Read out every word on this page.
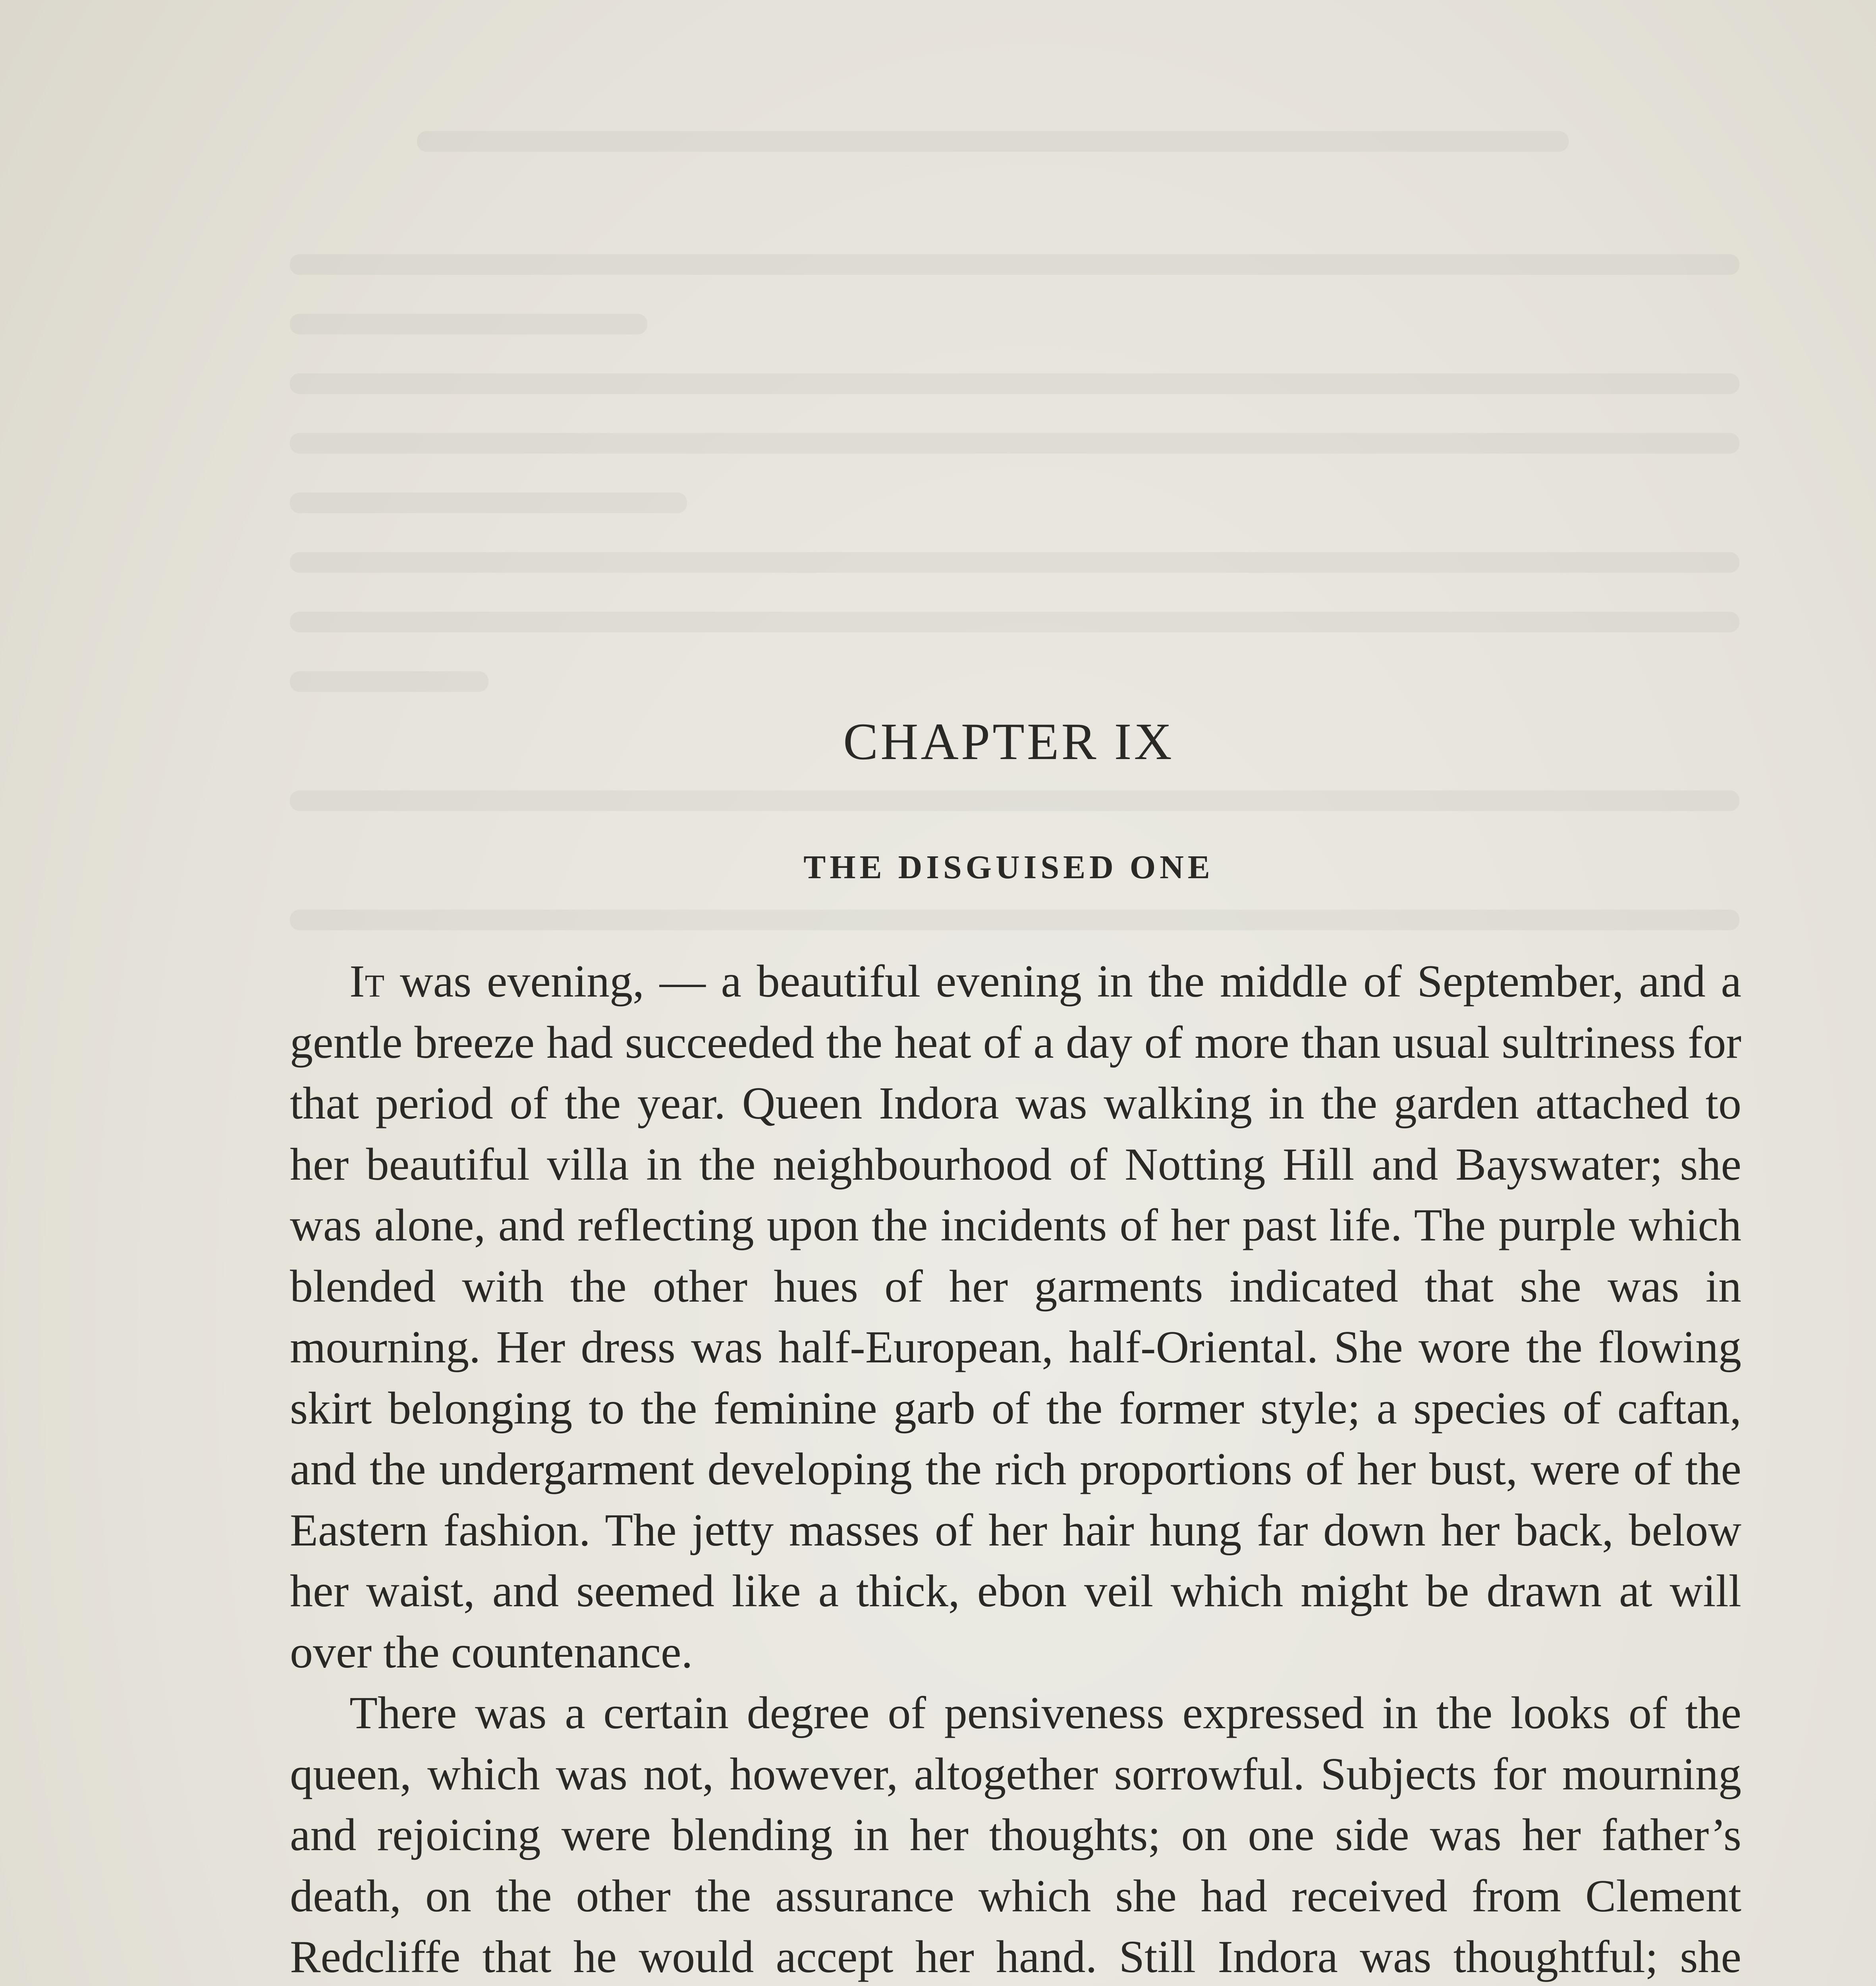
CHAPTER IX
THE DISGUISED ONE

It was evening, — a beautiful evening in the middle of September, and a gentle breeze had succeeded the heat of a day of more than usual sultriness for that period of the year. Queen Indora was walking in the garden attached to her beautiful villa in the neighbourhood of Notting Hill and Bayswater; she was alone, and reflecting upon the incidents of her past life. The purple which blended with the other hues of her garments indicated that she was in mourning. Her dress was half-European, half-Oriental. She wore the flowing skirt belonging to the feminine garb of the former style; a species of caftan, and the undergarment developing the rich proportions of her bust, were of the Eastern fashion. The jetty masses of her hair hung far down her back, below her waist, and seemed like a thick, ebon veil which might be drawn at will over the countenance.

There was a certain degree of pensiveness expressed in the looks of the queen, which was not, however, altogether sorrowful. Subjects for mourning and rejoicing were blending in her thoughts; on one side was her father’s death, on the other the assurance which she had received from Clement Redcliffe that he would accept her hand. Still Indora was thoughtful; she
